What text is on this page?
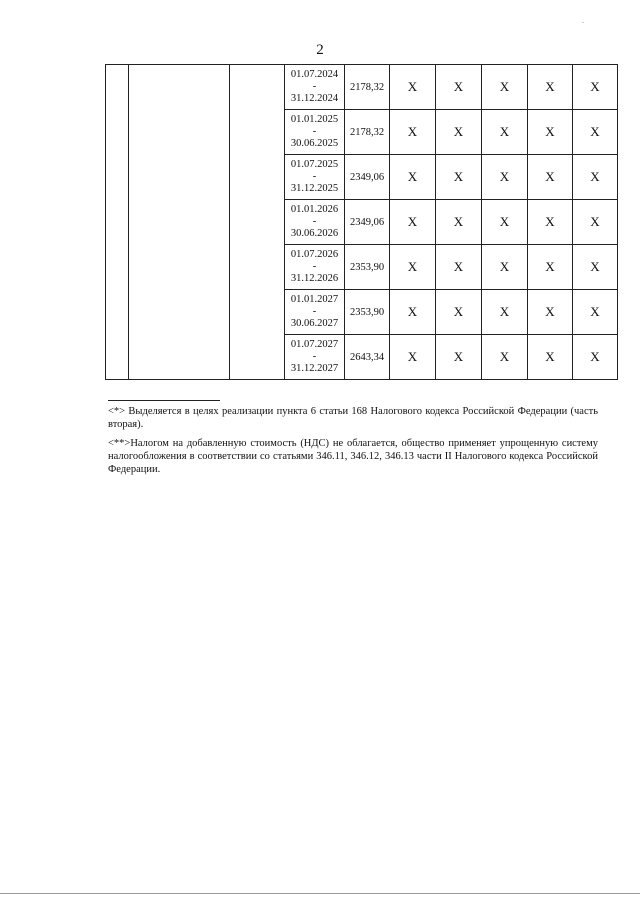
.
2

			01.07.2024
-
31.12.2024	2178,32	X	X	X	X	X

			01.01.2025
-
30.06.2025	2178,32	X	X	X	X	X

			01.07.2025
-
31.12.2025	2349,06	X	X	X	X	X

			01.01.2026
-
30.06.2026	2349,06	X	X	X	X	X

			01.07.2026
-
31.12.2026	2353,90	X	X	X	X	X

			01.01.2027
-
30.06.2027	2353,90	X	X	X	X	X

			01.07.2027
-
31.12.2027	2643,34	X	X	X	X	X

<*> Выделяется в целях реализации пункта 6 статьи 168 Налогового кодекса Российской Федерации (часть вторая).

<**>Налогом на добавленную стоимость (НДС) не облагается, общество применяет упрощенную систему налогообложения в соответствии со статьями 346.11, 346.12, 346.13 части II Налогового кодекса Российской Федерации.
